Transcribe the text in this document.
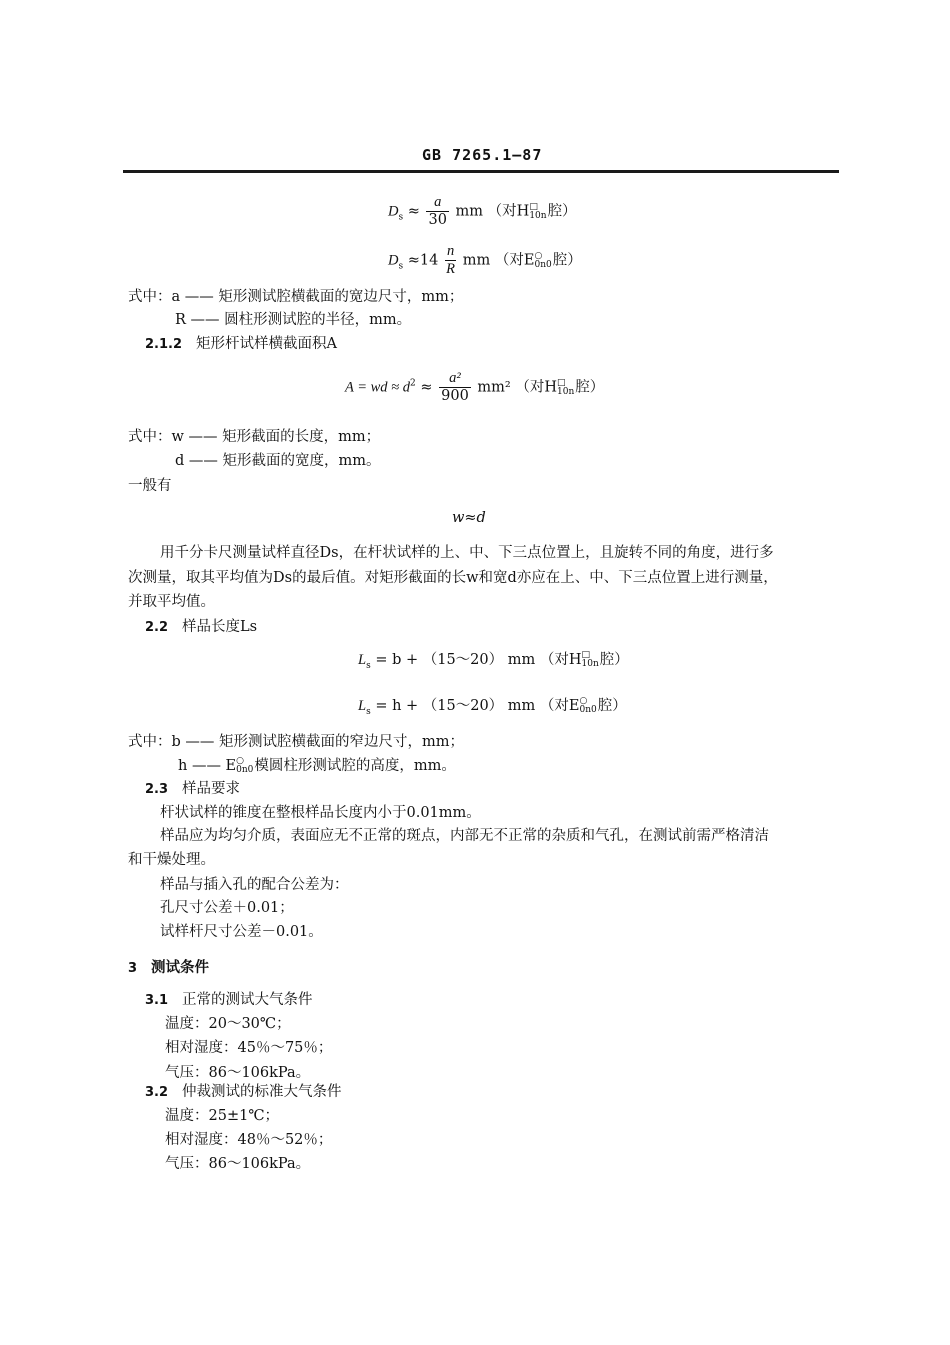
GB 7265.1—87
$D_s \approx \frac{a}{30}$ mm （对H □
10n 腔）
$D_s \approx 14 \frac{n}{R}$ mm （对E ○
0n0 腔）
式中：a —— 矩形测试腔横截面的宽边尺寸，mm；
R —— 圆柱形测试腔的半径，mm。
2.1.2 矩形杆试样横截面积A
A = wd ≈ $d^2 \approx \frac{\text{a²}}{900} mm^2$ （对H □
10n 腔）
式中：w —— 矩形截面的长度，mm；
d —— 矩形截面的宽度，mm。
一般有
w≈d
用千分卡尺测量试样直径Ds，在杆状试样的上、中、下三点位置上，且旋转不同的角度，进行多
次测量，取其平均值为Ds的最后值。对矩形截面的长w和宽d亦应在上、中、下三点位置上进行测量，
并取平均值。
2.2 样品长度Ls
$L_s = b$ + （15～20） mm （对H □
10n 腔）
$L_s = h$ + （15～20） mm （对E ○
0n0 腔）
式中：b —— 矩形测试腔横截面的窄边尺寸，mm；
h —— E ○
0n0 模圆柱形测试腔的高度，mm。
2.3 样品要求
杆状试样的锥度在整根样品长度内小于0.01mm。
样品应为均匀介质，表面应无不正常的斑点，内部无不正常的杂质和气孔，在测试前需严格清洁
和干燥处理。
样品与插入孔的配合公差为：
孔尺寸公差＋0.01；
试样杆尺寸公差－0.01。
3 测试条件
3.1 正常的测试大气条件
温度：20～30℃；
相对湿度：45％～75％；
气压：86～106kPa。
3.2 仲裁测试的标准大气条件
温度：25±1℃；
相对湿度：48％～52％；
气压：86～106kPa。
